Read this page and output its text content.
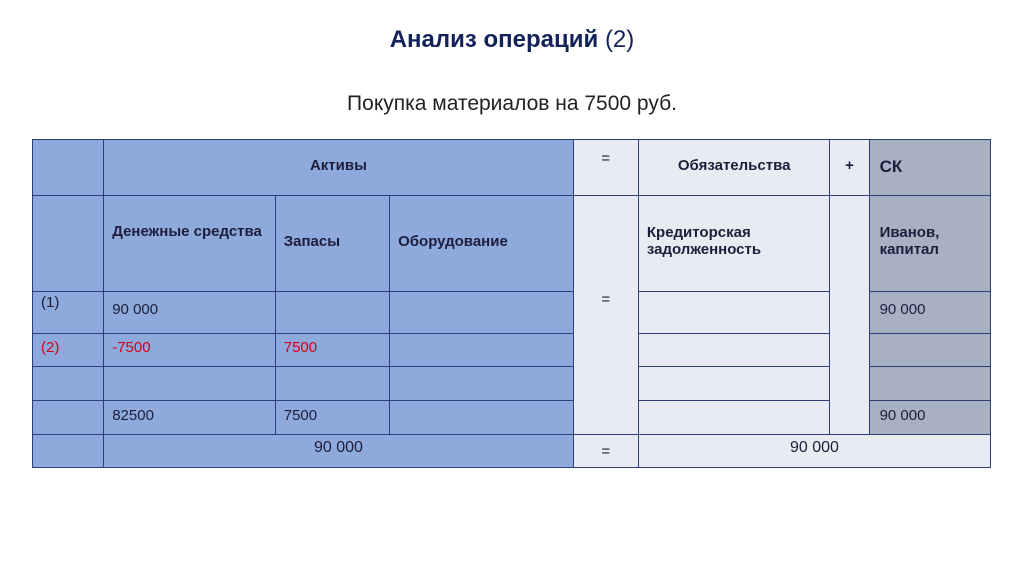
Анализ операций (2)
Покупка материалов на 7500 руб.
	Активы			=	Обязательства	+	СК
	Денежные средства	Запасы	Оборудование	=	Кредиторская задолженность		Иванов, капитал
(1)	90 000						90 000
(2)	-7500	7500					

	82500	7500					90 000
	90 000			=	90 000		
